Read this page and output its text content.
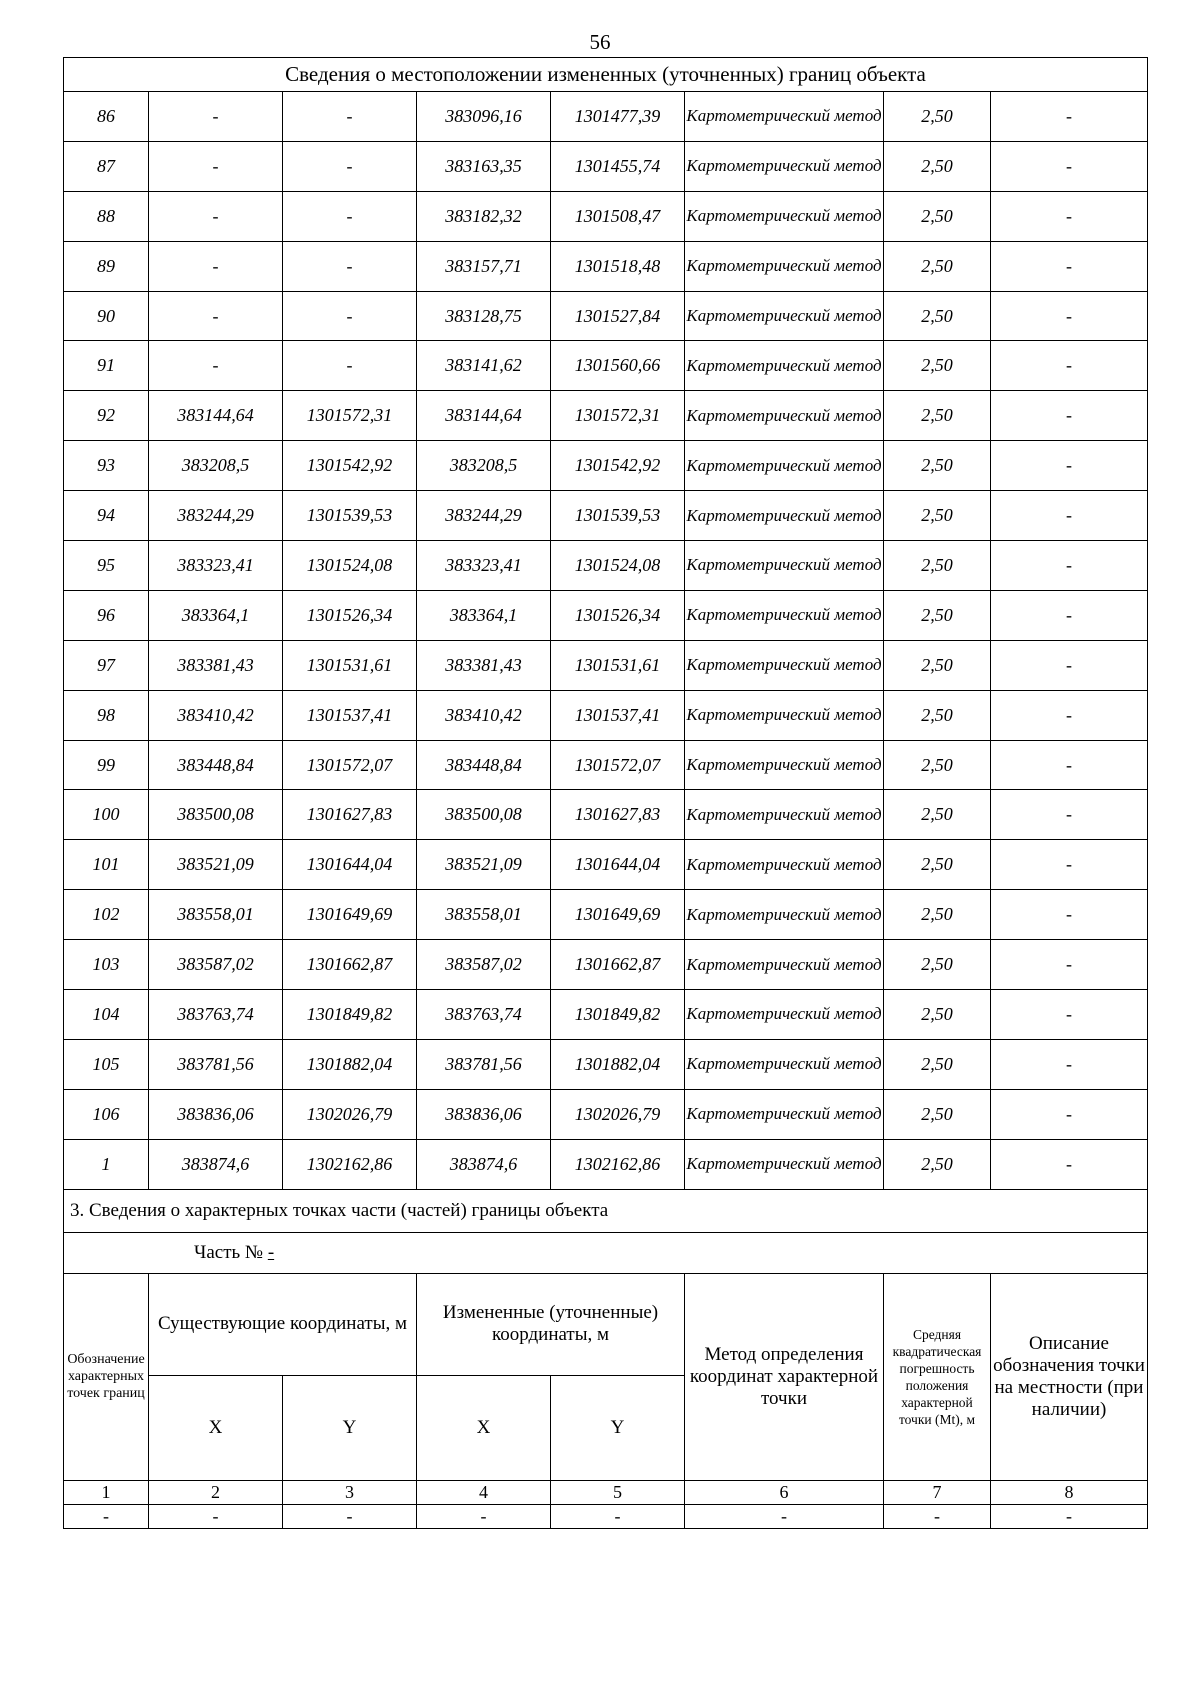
56
Сведения о местоположении измененных (уточненных) границ объекта							
86	-	-	383096,16	1301477,39	Картометрический метод	2,50	-
87	-	-	383163,35	1301455,74	Картометрический метод	2,50	-
88	-	-	383182,32	1301508,47	Картометрический метод	2,50	-
89	-	-	383157,71	1301518,48	Картометрический метод	2,50	-
90	-	-	383128,75	1301527,84	Картометрический метод	2,50	-
91	-	-	383141,62	1301560,66	Картометрический метод	2,50	-
92	383144,64	1301572,31	383144,64	1301572,31	Картометрический метод	2,50	-
93	383208,5	1301542,92	383208,5	1301542,92	Картометрический метод	2,50	-
94	383244,29	1301539,53	383244,29	1301539,53	Картометрический метод	2,50	-
95	383323,41	1301524,08	383323,41	1301524,08	Картометрический метод	2,50	-
96	383364,1	1301526,34	383364,1	1301526,34	Картометрический метод	2,50	-
97	383381,43	1301531,61	383381,43	1301531,61	Картометрический метод	2,50	-
98	383410,42	1301537,41	383410,42	1301537,41	Картометрический метод	2,50	-
99	383448,84	1301572,07	383448,84	1301572,07	Картометрический метод	2,50	-
100	383500,08	1301627,83	383500,08	1301627,83	Картометрический метод	2,50	-
101	383521,09	1301644,04	383521,09	1301644,04	Картометрический метод	2,50	-
102	383558,01	1301649,69	383558,01	1301649,69	Картометрический метод	2,50	-
103	383587,02	1301662,87	383587,02	1301662,87	Картометрический метод	2,50	-
104	383763,74	1301849,82	383763,74	1301849,82	Картометрический метод	2,50	-
105	383781,56	1301882,04	383781,56	1301882,04	Картометрический метод	2,50	-
106	383836,06	1302026,79	383836,06	1302026,79	Картометрический метод	2,50	-
1	383874,6	1302162,86	383874,6	1302162,86	Картометрический метод	2,50	-
3. Сведения о характерных точках части (частей) границы объекта							
Часть № -							
Обозначение характерных точек границ	Существующие координаты, м		Измененные (уточненные) координаты, м		Метод определения координат характерной точки	Средняя квадратическая погрешность положения характерной точки (Mt), м	Описание обозначения точки на местности (при наличии)
	X	Y	X	Y			
1	2	3	4	5	6	7	8
-	-	-	-	-	-	-	-
